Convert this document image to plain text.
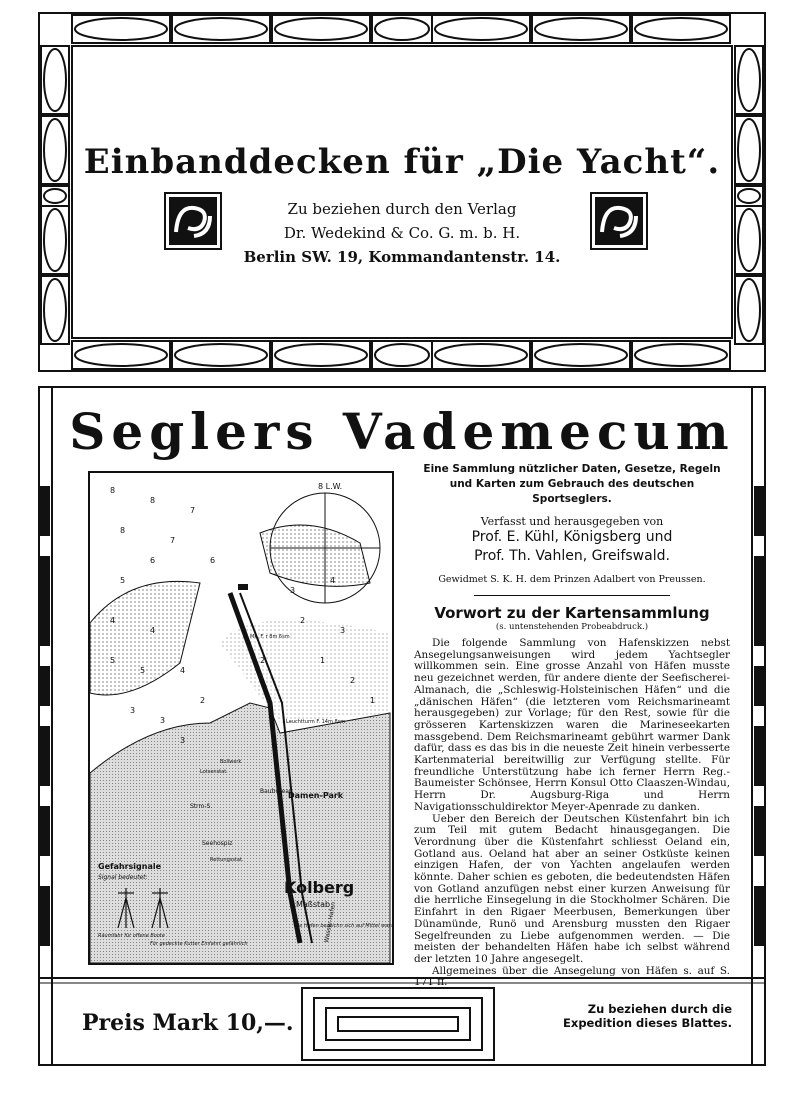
Einbanddecken für „Die Yacht“.
Zu beziehen durch den Verlag
Dr. Wedekind & Co. G. m. b. H.
Berlin SW. 19, Kommandantenstr. 14.
Seglers Vademecum
8 L.W.
8
8
7
8
7
6	6
5
4
4
5
5	4
3
3
2
3
3
2
4
3
1
2
2
1
Damen-Park
Strm-S.
Seehospiz
Rettungsstat.
Baubureau
Mk. F. r 8m 6sm
Leuchtturm F. 14m 8sm
Lotsenstat.
Bollwerk
Wasser-Hafen
Gefahrsignale
Signal bedeutet:
Räumfahr für offene Boote
Für gedeckte Kutter Einfahrt gefährlich
Kolberg
Maßstab
Die Hafen bezeichn sich auf Mittel was
Eine Sammlung nützlicher Daten, Gesetze, Regeln und Karten zum Gebrauch des deutschen Sportseglers.
Verfasst und herausgegeben von
Prof. E. Kühl, Königsberg und
Prof. Th. Vahlen, Greifswald.
Gewidmet S. K. H. dem Prinzen Adalbert von Preussen.
Vorwort zu der Kartensammlung
(s. untenstehenden Probeabdruck.)

Die folgende Sammlung von Hafenskizzen nebst Ansegelungsanweisungen wird jedem Yachtsegler willkommen sein. Eine grosse Anzahl von Häfen musste neu gezeichnet werden, für andere diente der Seefischerei-Almanach, die „Schleswig-Holsteinischen Häfen“ und die „dänischen Häfen“ (die letzteren vom Reichsmarineamt herausgegeben) zur Vorlage; für den Rest, sowie für die grösseren Kartenskizzen waren die Marineseekarten massgebend. Dem Reichsmarineamt gebührt warmer Dank dafür, dass es das bis in die neueste Zeit hinein verbesserte Kartenmaterial bereitwillig zur Verfügung stellte. Für freundliche Unterstützung habe ich ferner Herrn Reg.-Baumeister Schönsee, Herrn Konsul Otto Claaszen-Windau, Herrn Dr. Augsburg-Riga und Herrn Navigationsschuldirektor Meyer-Apenrade zu danken.

Ueber den Bereich der Deutschen Küstenfahrt bin ich zum Teil mit gutem Bedacht hinausgegangen. Die Verordnung über die Küstenfahrt schliesst Oeland ein, Gotland aus. Oeland hat aber an seiner Ostküste keinen einzigen Hafen, der von Yachten angelaufen werden könnte. Daher schien es geboten, die bedeutendsten Häfen von Gotland anzufügen nebst einer kurzen Anweisung für die herrliche Einsegelung in die Stockholmer Schären. Die Einfahrt in den Rigaer Meerbusen, Bemerkungen über Dünamünde, Runö und Arensburg mussten den Rigaer Segelfreunden zu Liebe aufgenommen werden. — Die meisten der behandelten Häfen habe ich selbst während der letzten 10 Jahre angesegelt.

Allgemeines über die Ansegelung von Häfen s. auf S. 171 ff.

Preis Mark 10,—.
Zu beziehen durch die
Expedition dieses Blattes.
